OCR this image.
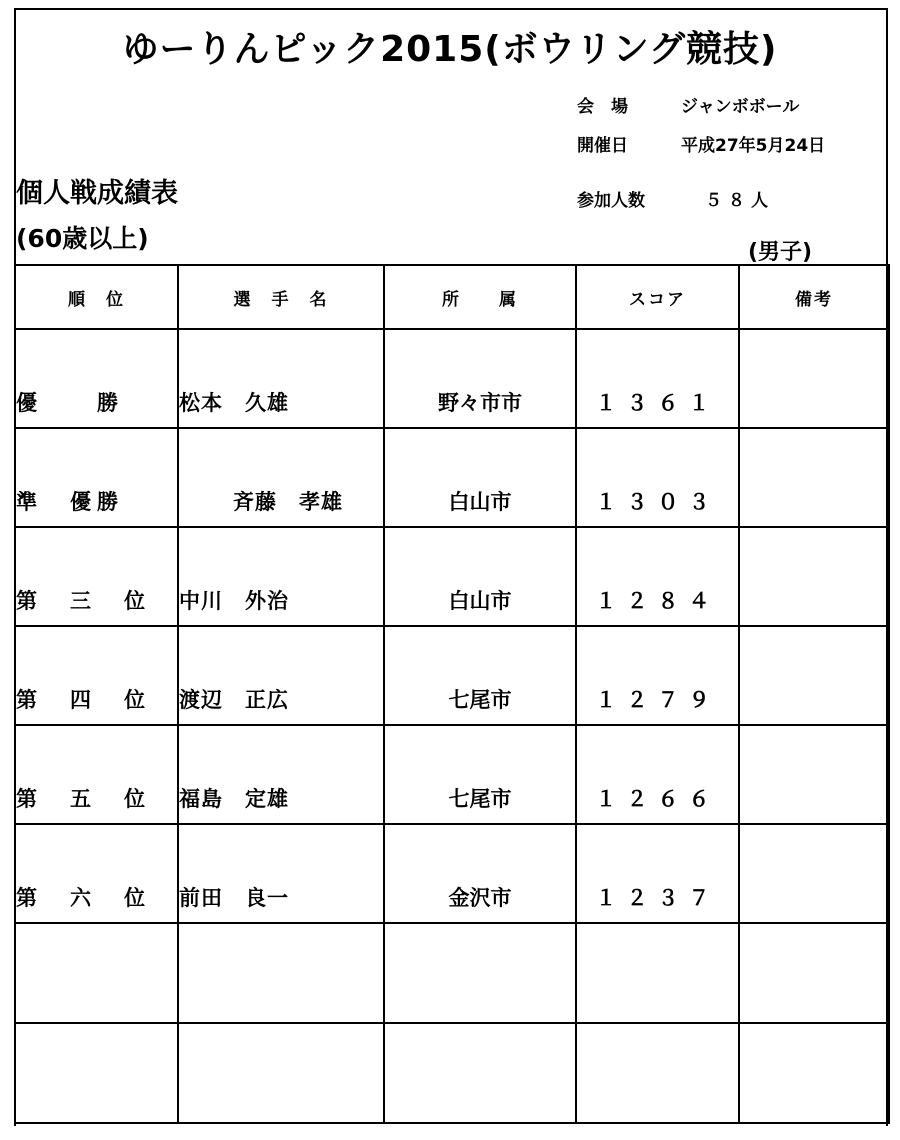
ゆーりんピック2015(ボウリング競技)
会　場	ジャンボボール
開催日	平成27年5月24日
参加人数	５８人
個人戦成績表
(60歳以上)	(男子)
順　位	選　手　名	所　　属	スコア	備考
優　　勝	松本　久雄	野々市市	１３６１	
準　優勝	斉藤　孝雄	白山市	１３０３	
第　三　位	中川　外治	白山市	１２８４	
第　四　位	渡辺　正広	七尾市	１２７９	
第　五　位	福島　定雄	七尾市	１２６６	
第　六　位	前田　良一	金沢市	１２３７	
